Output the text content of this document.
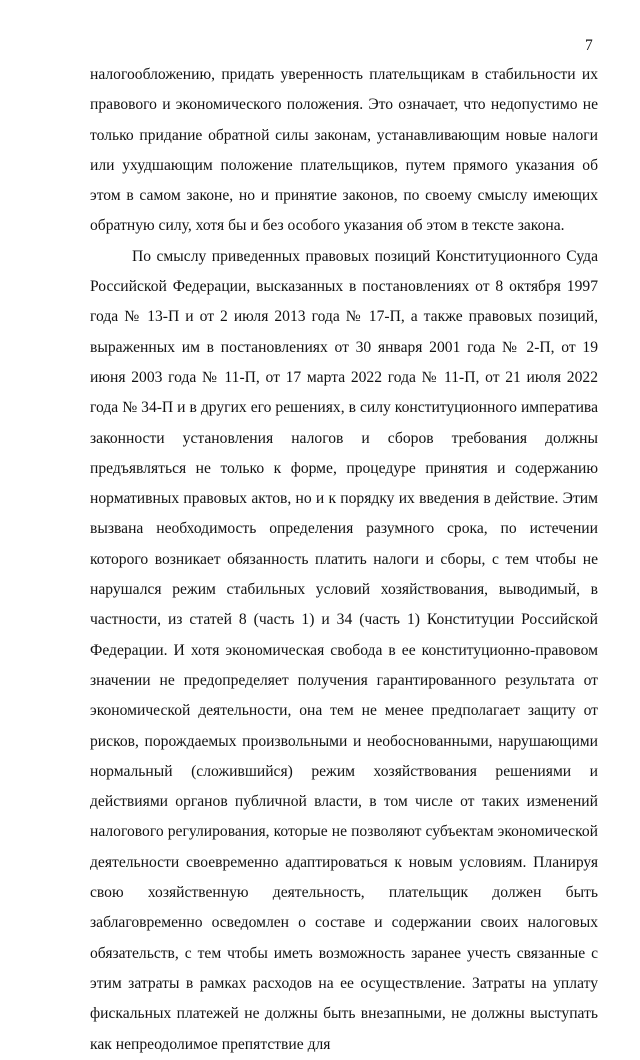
7

налогообложению, придать уверенность плательщикам в стабильности их правового и экономического положения. Это означает, что недопустимо не только придание обратной силы законам, устанавливающим новые налоги или ухудшающим положение плательщиков, путем прямого указания об этом в самом законе, но и принятие законов, по своему смыслу имеющих обратную силу, хотя бы и без особого указания об этом в тексте закона.

По смыслу приведенных правовых позиций Конституционного Суда Российской Федерации, высказанных в постановлениях от 8 октября 1997 года № 13-П и от 2 июля 2013 года № 17-П, а также правовых позиций, выраженных им в постановлениях от 30 января 2001 года № 2-П, от 19 июня 2003 года № 11-П, от 17 марта 2022 года № 11-П, от 21 июля 2022 года № 34-П и в других его решениях, в силу конституционного императива законности установления налогов и сборов требования должны предъявляться не только к форме, процедуре принятия и содержанию нормативных правовых актов, но и к порядку их введения в действие. Этим вызвана необходимость определения разумного срока, по истечении которого возникает обязанность платить налоги и сборы, с тем чтобы не нарушался режим стабильных условий хозяйствования, выводимый, в частности, из статей 8 (часть 1) и 34 (часть 1) Конституции Российской Федерации. И хотя экономическая свобода в ее конституционно-правовом значении не предопределяет получения гарантированного результата от экономической деятельности, она тем не менее предполагает защиту от рисков, порождаемых произвольными и необоснованными, нарушающими нормальный (сложившийся) режим хозяйствования решениями и действиями органов публичной власти, в том числе от таких изменений налогового регулирования, которые не позволяют субъектам экономической деятельности своевременно адаптироваться к новым условиям. Планируя свою хозяйственную деятельность, плательщик должен быть заблаговременно осведомлен о составе и содержании своих налоговых обязательств, с тем чтобы иметь возможность заранее учесть связанные с этим затраты в рамках расходов на ее осуществление. Затраты на уплату фискальных платежей не должны быть внезапными, не должны выступать как непреодолимое препятствие для
